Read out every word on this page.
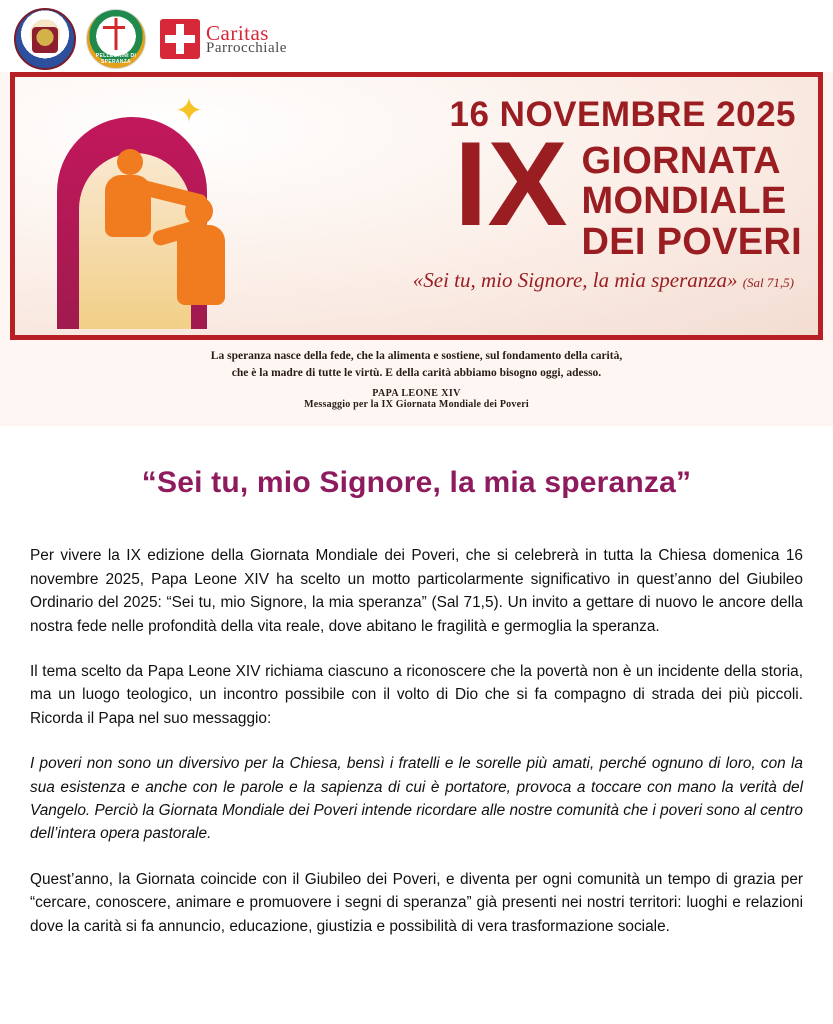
PELLEGRINI DI SPERANZA
Caritas
Parrocchiale
16 NOVEMBRE 2025
IX GIORNATA
MONDIALE
DEI POVERI
«Sei tu, mio Signore, la mia speranza» (Sal 71,5)
La speranza nasce della fede, che la alimenta e sostiene, sul fondamento della carità,
che è la madre di tutte le virtù. E della carità abbiamo bisogno oggi, adesso.
PAPA LEONE XIV
Messaggio per la IX Giornata Mondiale dei Poveri
“Sei tu, mio Signore, la mia speranza”

Per vivere la IX edizione della Giornata Mondiale dei Poveri, che si celebrerà in tutta la Chiesa domenica 16 novembre 2025, Papa Leone XIV ha scelto un motto particolarmente significativo in quest’anno del Giubileo Ordinario del 2025: “Sei tu, mio Signore, la mia speranza” (Sal 71,5). Un invito a gettare di nuovo le ancore della nostra fede nelle profondità della vita reale, dove abitano le fragilità e germoglia la speranza.

Il tema scelto da Papa Leone XIV richiama ciascuno a riconoscere che la povertà non è un incidente della storia, ma un luogo teologico, un incontro possibile con il volto di Dio che si fa compagno di strada dei più piccoli. Ricorda il Papa nel suo messaggio:

I poveri non sono un diversivo per la Chiesa, bensì i fratelli e le sorelle più amati, perché ognuno di loro, con la sua esistenza e anche con le parole e la sapienza di cui è portatore, provoca a toccare con mano la verità del Vangelo. Perciò la Giornata Mondiale dei Poveri intende ricordare alle nostre comunità che i poveri sono al centro dell’intera opera pastorale.

Quest’anno, la Giornata coincide con il Giubileo dei Poveri, e diventa per ogni comunità un tempo di grazia per “cercare, conoscere, animare e promuovere i segni di speranza” già presenti nei nostri territori: luoghi e relazioni dove la carità si fa annuncio, educazione, giustizia e possibilità di vera trasformazione sociale.
